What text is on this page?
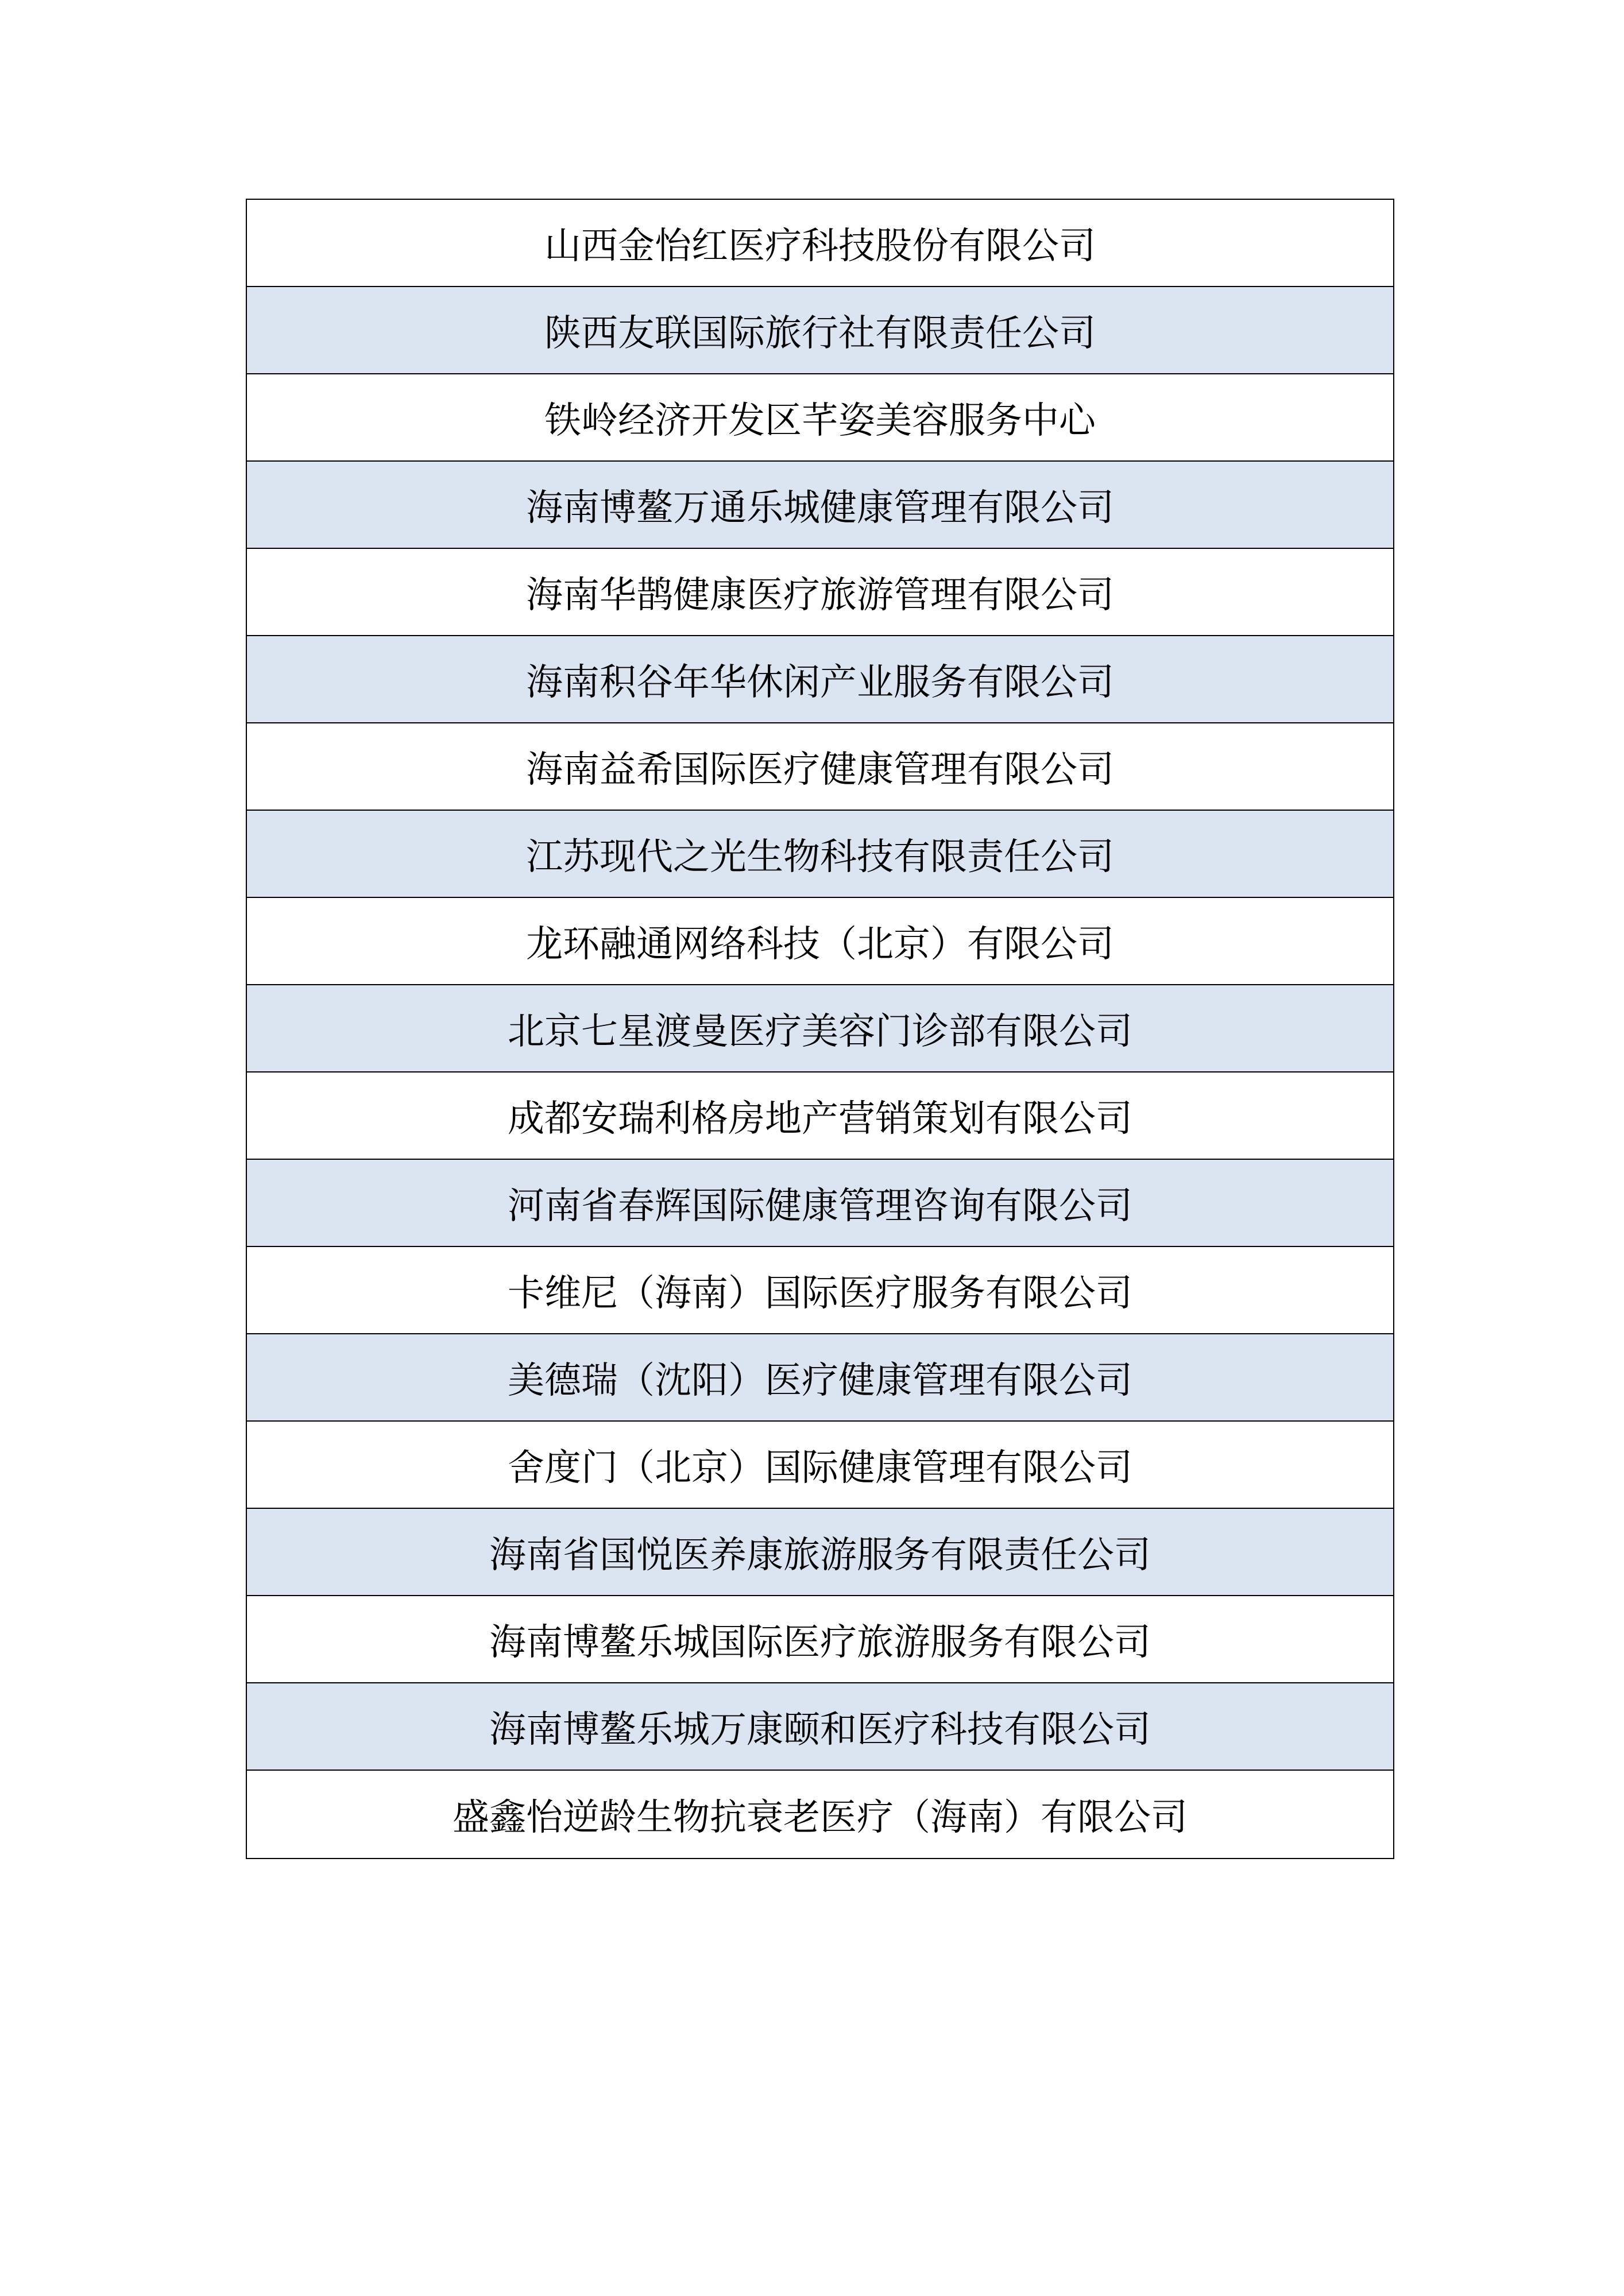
山西金怡红医疗科技股份有限公司
陕西友联国际旅行社有限责任公司
铁岭经济开发区芊姿美容服务中心
海南博鳌万通乐城健康管理有限公司
海南华鹊健康医疗旅游管理有限公司
海南积谷年华休闲产业服务有限公司
海南益希国际医疗健康管理有限公司
江苏现代之光生物科技有限责任公司
龙环融通网络科技（北京）有限公司
北京七星渡曼医疗美容门诊部有限公司
成都安瑞利格房地产营销策划有限公司
河南省春辉国际健康管理咨询有限公司
卡维尼（海南）国际医疗服务有限公司
美德瑞（沈阳）医疗健康管理有限公司
舍度门（北京）国际健康管理有限公司
海南省国悦医养康旅游服务有限责任公司
海南博鳌乐城国际医疗旅游服务有限公司
海南博鳌乐城万康颐和医疗科技有限公司
盛鑫怡逆龄生物抗衰老医疗（海南）有限公司
